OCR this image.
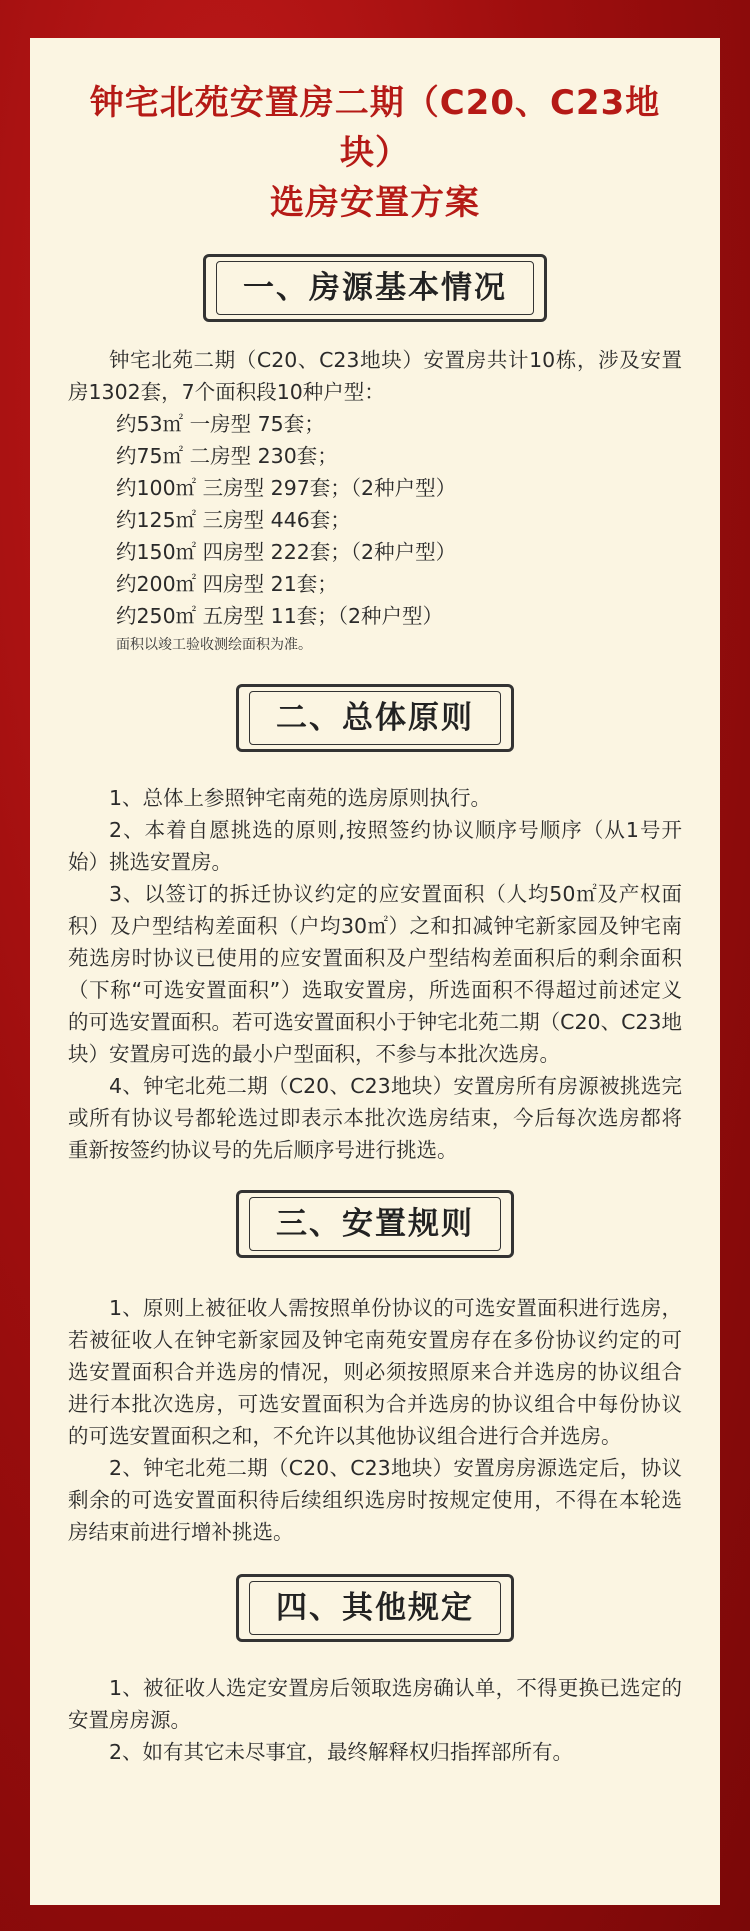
钟宅北苑安置房二期（C20、C23地块）
选房安置方案
一、房源基本情况

钟宅北苑二期（C20、C23地块）安置房共计10栋，涉及安置房1302套，7个面积段10种户型：

约53㎡ 一房型 75套；

约75㎡ 二房型 230套；

约100㎡ 三房型 297套；（2种户型）

约125㎡ 三房型 446套；

约150㎡ 四房型 222套；（2种户型）

约200㎡ 四房型 21套；

约250㎡ 五房型 11套；（2种户型）

面积以竣工验收测绘面积为准。

二、总体原则

1、总体上参照钟宅南苑的选房原则执行。

2、本着自愿挑选的原则,按照签约协议顺序号顺序（从1号开始）挑选安置房。

3、以签订的拆迁协议约定的应安置面积（人均50㎡及产权面积）及户型结构差面积（户均30㎡）之和扣减钟宅新家园及钟宅南苑选房时协议已使用的应安置面积及户型结构差面积后的剩余面积（下称“可选安置面积”）选取安置房，所选面积不得超过前述定义的可选安置面积。若可选安置面积小于钟宅北苑二期（C20、C23地块）安置房可选的最小户型面积，不参与本批次选房。

4、钟宅北苑二期（C20、C23地块）安置房所有房源被挑选完或所有协议号都轮选过即表示本批次选房结束，今后每次选房都将重新按签约协议号的先后顺序号进行挑选。

三、安置规则

1、原则上被征收人需按照单份协议的可选安置面积进行选房，若被征收人在钟宅新家园及钟宅南苑安置房存在多份协议约定的可选安置面积合并选房的情况，则必须按照原来合并选房的协议组合进行本批次选房，可选安置面积为合并选房的协议组合中每份协议的可选安置面积之和，不允许以其他协议组合进行合并选房。

2、钟宅北苑二期（C20、C23地块）安置房房源选定后，协议剩余的可选安置面积待后续组织选房时按规定使用，不得在本轮选房结束前进行增补挑选。

四、其他规定

1、被征收人选定安置房后领取选房确认单，不得更换已选定的安置房房源。

2、如有其它未尽事宜，最终解释权归指挥部所有。
